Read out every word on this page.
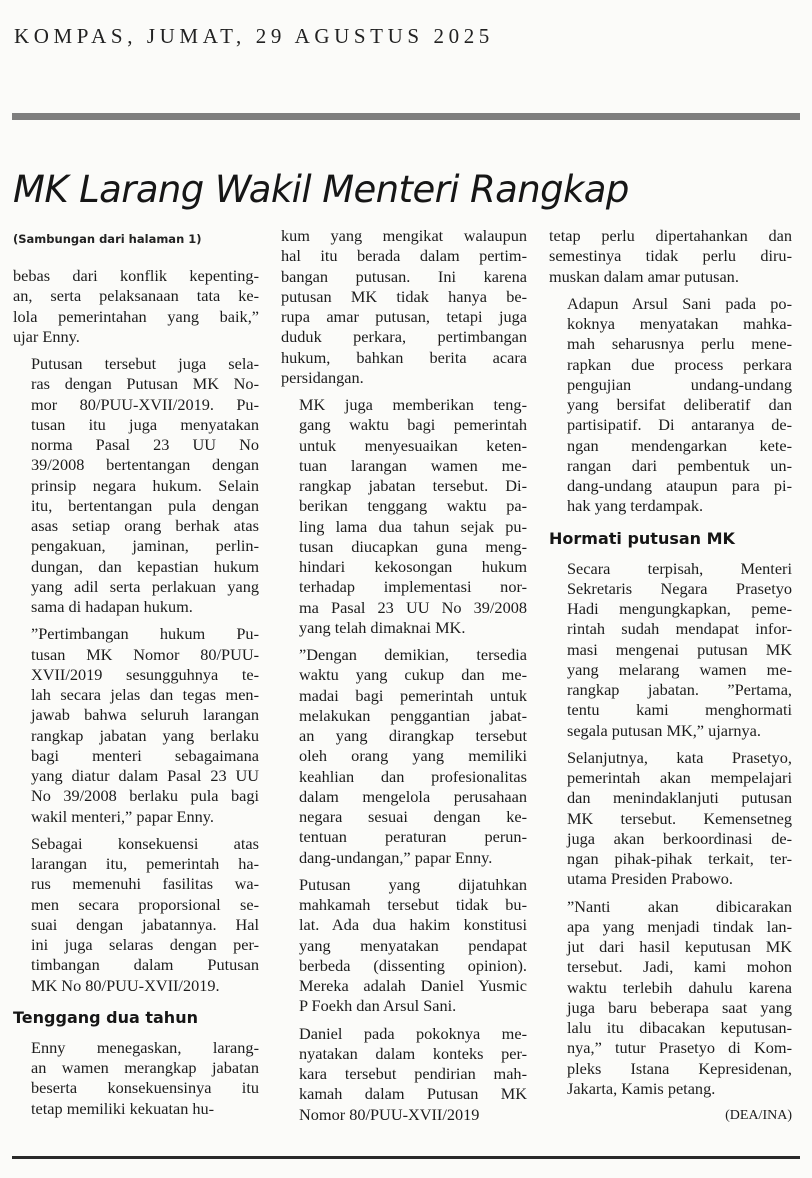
KOMPAS, JUMAT, 29 AGUSTUS 2025
MK Larang Wakil Menteri Rangkap
(Sambungan dari halaman 1)

bebas dari konflik kepenting-
an, serta pelaksanaan tata ke-
lola pemerintahan yang baik,”
ujar Enny.

Putusan tersebut juga sela-
ras dengan Putusan MK No-
mor 80/PUU-XVII/2019. Pu-
tusan itu juga menyatakan
norma Pasal 23 UU No
39/2008 bertentangan dengan
prinsip negara hukum. Selain
itu, bertentangan pula dengan
asas setiap orang berhak atas
pengakuan, jaminan, perlin-
dungan, dan kepastian hukum
yang adil serta perlakuan yang
sama di hadapan hukum.

”Pertimbangan hukum Pu-
tusan MK Nomor 80/PUU-
XVII/2019 sesungguhnya te-
lah secara jelas dan tegas men-
jawab bahwa seluruh larangan
rangkap jabatan yang berlaku
bagi menteri sebagaimana
yang diatur dalam Pasal 23 UU
No 39/2008 berlaku pula bagi
wakil menteri,” papar Enny.

Sebagai konsekuensi atas
larangan itu, pemerintah ha-
rus memenuhi fasilitas wa-
men secara proporsional se-
suai dengan jabatannya. Hal
ini juga selaras dengan per-
timbangan dalam Putusan
MK No 80/PUU-XVII/2019.

Tenggang dua tahun

Enny menegaskan, larang-
an wamen merangkap jabatan
beserta konsekuensinya itu
tetap memiliki kekuatan hu-

kum yang mengikat walaupun
hal itu berada dalam pertim-
bangan putusan. Ini karena
putusan MK tidak hanya be-
rupa amar putusan, tetapi juga
duduk perkara, pertimbangan
hukum, bahkan berita acara
persidangan.

MK juga memberikan teng-
gang waktu bagi pemerintah
untuk menyesuaikan keten-
tuan larangan wamen me-
rangkap jabatan tersebut. Di-
berikan tenggang waktu pa-
ling lama dua tahun sejak pu-
tusan diucapkan guna meng-
hindari kekosongan hukum
terhadap implementasi nor-
ma Pasal 23 UU No 39/2008
yang telah dimaknai MK.

”Dengan demikian, tersedia
waktu yang cukup dan me-
madai bagi pemerintah untuk
melakukan penggantian jabat-
an yang dirangkap tersebut
oleh orang yang memiliki
keahlian dan profesionalitas
dalam mengelola perusahaan
negara sesuai dengan ke-
tentuan peraturan perun-
dang-undangan,” papar Enny.

Putusan yang dijatuhkan
mahkamah tersebut tidak bu-
lat. Ada dua hakim konstitusi
yang menyatakan pendapat
berbeda (dissenting opinion).
Mereka adalah Daniel Yusmic
P Foekh dan Arsul Sani.

Daniel pada pokoknya me-
nyatakan dalam konteks per-
kara tersebut pendirian mah-
kamah dalam Putusan MK
Nomor 80/PUU-XVII/2019

tetap perlu dipertahankan dan
semestinya tidak perlu diru-
muskan dalam amar putusan.

Adapun Arsul Sani pada po-
koknya menyatakan mahka-
mah seharusnya perlu mene-
rapkan due process perkara
pengujian undang-undang
yang bersifat deliberatif dan
partisipatif. Di antaranya de-
ngan mendengarkan kete-
rangan dari pembentuk un-
dang-undang ataupun para pi-
hak yang terdampak.

Hormati putusan MK

Secara terpisah, Menteri
Sekretaris Negara Prasetyo
Hadi mengungkapkan, peme-
rintah sudah mendapat infor-
masi mengenai putusan MK
yang melarang wamen me-
rangkap jabatan. ”Pertama,
tentu kami menghormati
segala putusan MK,” ujarnya.

Selanjutnya, kata Prasetyo,
pemerintah akan mempelajari
dan menindaklanjuti putusan
MK tersebut. Kemensetneg
juga akan berkoordinasi de-
ngan pihak-pihak terkait, ter-
utama Presiden Prabowo.

”Nanti akan dibicarakan
apa yang menjadi tindak lan-
jut dari hasil keputusan MK
tersebut. Jadi, kami mohon
waktu terlebih dahulu karena
juga baru beberapa saat yang
lalu itu dibacakan keputusan-
nya,” tutur Prasetyo di Kom-
pleks Istana Kepresidenan,
Jakarta, Kamis petang.

(DEA/INA)
